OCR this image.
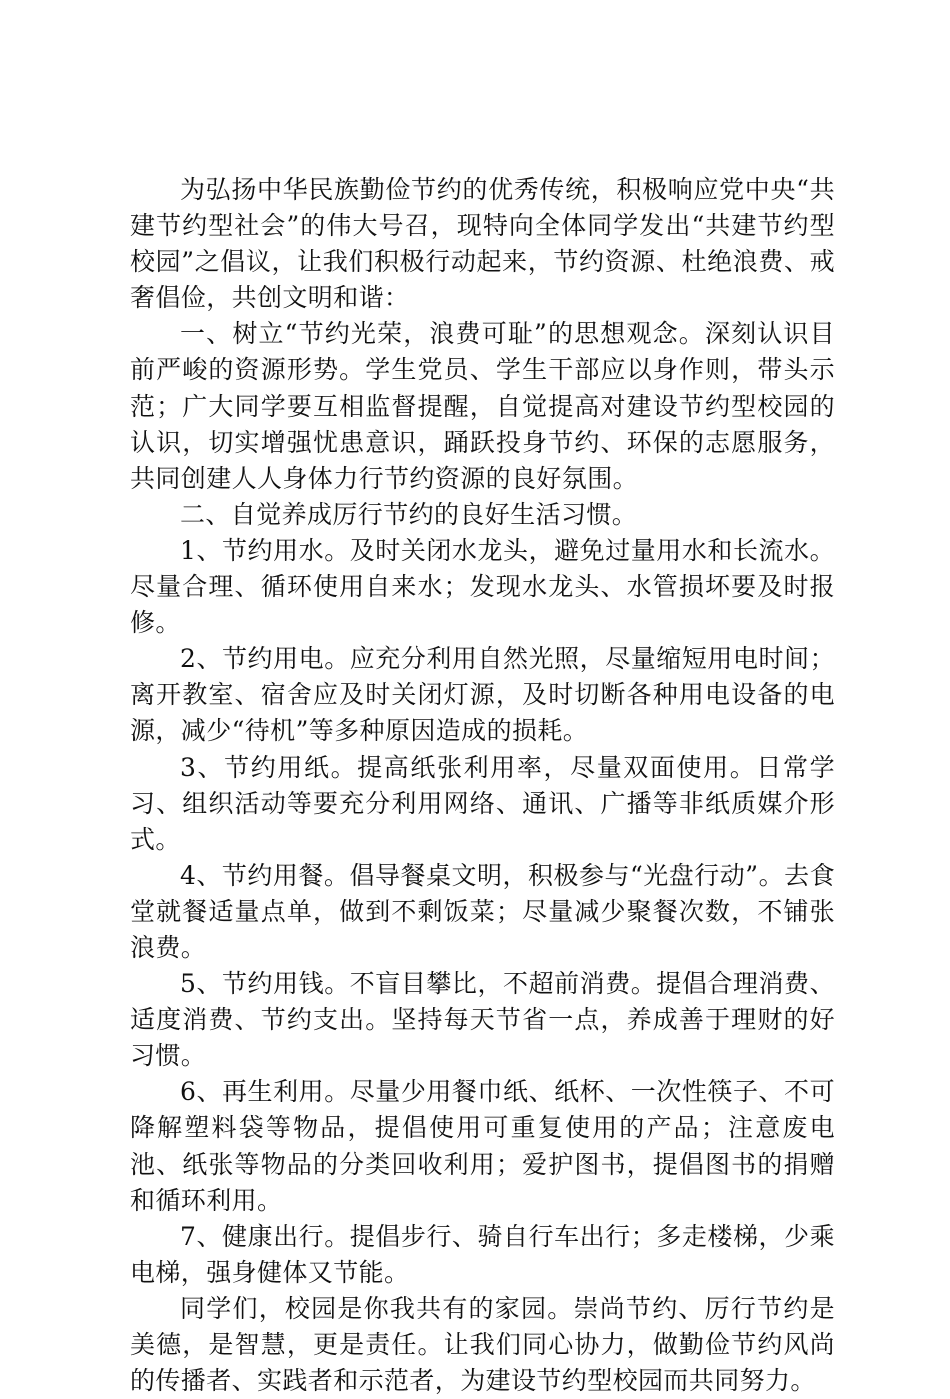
为弘扬中华民族勤俭节约的优秀传统，积极响应党中央“共建节约型社会”的伟大号召，现特向全体同学发出“共建节约型校园”之倡议，让我们积极行动起来，节约资源、杜绝浪费、戒奢倡俭，共创文明和谐：

一、树立“节约光荣，浪费可耻”的思想观念。深刻认识目前严峻的资源形势。学生党员、学生干部应以身作则，带头示范；广大同学要互相监督提醒，自觉提高对建设节约型校园的认识，切实增强忧患意识，踊跃投身节约、环保的志愿服务，共同创建人人身体力行节约资源的良好氛围。

二、自觉养成厉行节约的良好生活习惯。

1、节约用水。及时关闭水龙头，避免过量用水和长流水。尽量合理、循环使用自来水；发现水龙头、水管损坏要及时报修。

2、节约用电。应充分利用自然光照，尽量缩短用电时间；离开教室、宿舍应及时关闭灯源，及时切断各种用电设备的电源，减少“待机”等多种原因造成的损耗。

3、节约用纸。提高纸张利用率，尽量双面使用。日常学习、组织活动等要充分利用网络、通讯、广播等非纸质媒介形式。

4、节约用餐。倡导餐桌文明，积极参与“光盘行动”。去食堂就餐适量点单，做到不剩饭菜；尽量减少聚餐次数，不铺张浪费。

5、节约用钱。不盲目攀比，不超前消费。提倡合理消费、适度消费、节约支出。坚持每天节省一点，养成善于理财的好习惯。

6、再生利用。尽量少用餐巾纸、纸杯、一次性筷子、不可降解塑料袋等物品，提倡使用可重复使用的产品；注意废电池、纸张等物品的分类回收利用；爱护图书，提倡图书的捐赠和循环利用。

7、健康出行。提倡步行、骑自行车出行；多走楼梯，少乘电梯，强身健体又节能。

同学们，校园是你我共有的家园。崇尚节约、厉行节约是美德，是智慧，更是责任。让我们同心协力，做勤俭节约风尚的传播者、实践者和示范者，为建设节约型校园而共同努力。
